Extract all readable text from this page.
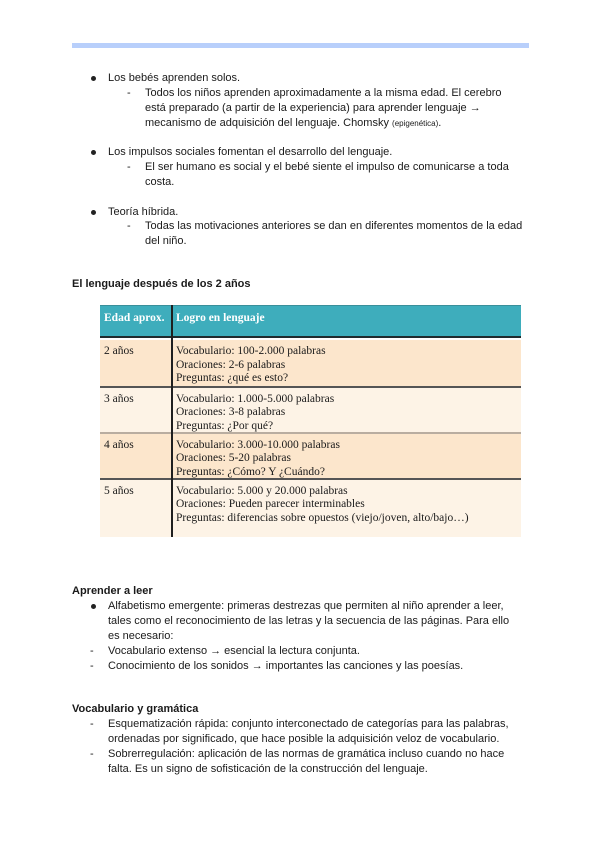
Los bebés aprenden solos.
- Todos los niños aprenden aproximadamente a la misma edad. El cerebro
está preparado (a partir de la experiencia) para aprender lenguaje →
mecanismo de adquisición del lenguaje. Chomsky (epigenética).
Los impulsos sociales fomentan el desarrollo del lenguaje.
- El ser humano es social y el bebé siente el impulso de comunicarse a toda
costa.
Teoría híbrida.
- Todas las motivaciones anteriores se dan en diferentes momentos de la edad
del niño.
El lenguaje después de los 2 años
Edad aprox. Logro en lenguaje
2 años	Vocabulario: 100-2.000 palabras
Oraciones: 2-6 palabras
Preguntas: ¿qué es esto?
3 años	Vocabulario: 1.000-5.000 palabras
Oraciones: 3-8 palabras
Preguntas: ¿Por qué?
4 años	Vocabulario: 3.000-10.000 palabras
Oraciones: 5-20 palabras
Preguntas: ¿Cómo? Y ¿Cuándo?
5 años	Vocabulario: 5.000 y 20.000 palabras
Oraciones: Pueden parecer interminables
Preguntas: diferencias sobre opuestos (viejo/joven, alto/bajo…)
Aprender a leer
Alfabetismo emergente: primeras destrezas que permiten al niño aprender a leer,
tales como el reconocimiento de las letras y la secuencia de las páginas. Para ello
es necesario:
- Vocabulario extenso → esencial la lectura conjunta.
- Conocimiento de los sonidos → importantes las canciones y las poesías.
Vocabulario y gramática
- Esquematización rápida: conjunto interconectado de categorías para las palabras,
ordenadas por significado, que hace posible la adquisición veloz de vocabulario.
- Sobrerregulación: aplicación de las normas de gramática incluso cuando no hace
falta. Es un signo de sofisticación de la construcción del lenguaje.
